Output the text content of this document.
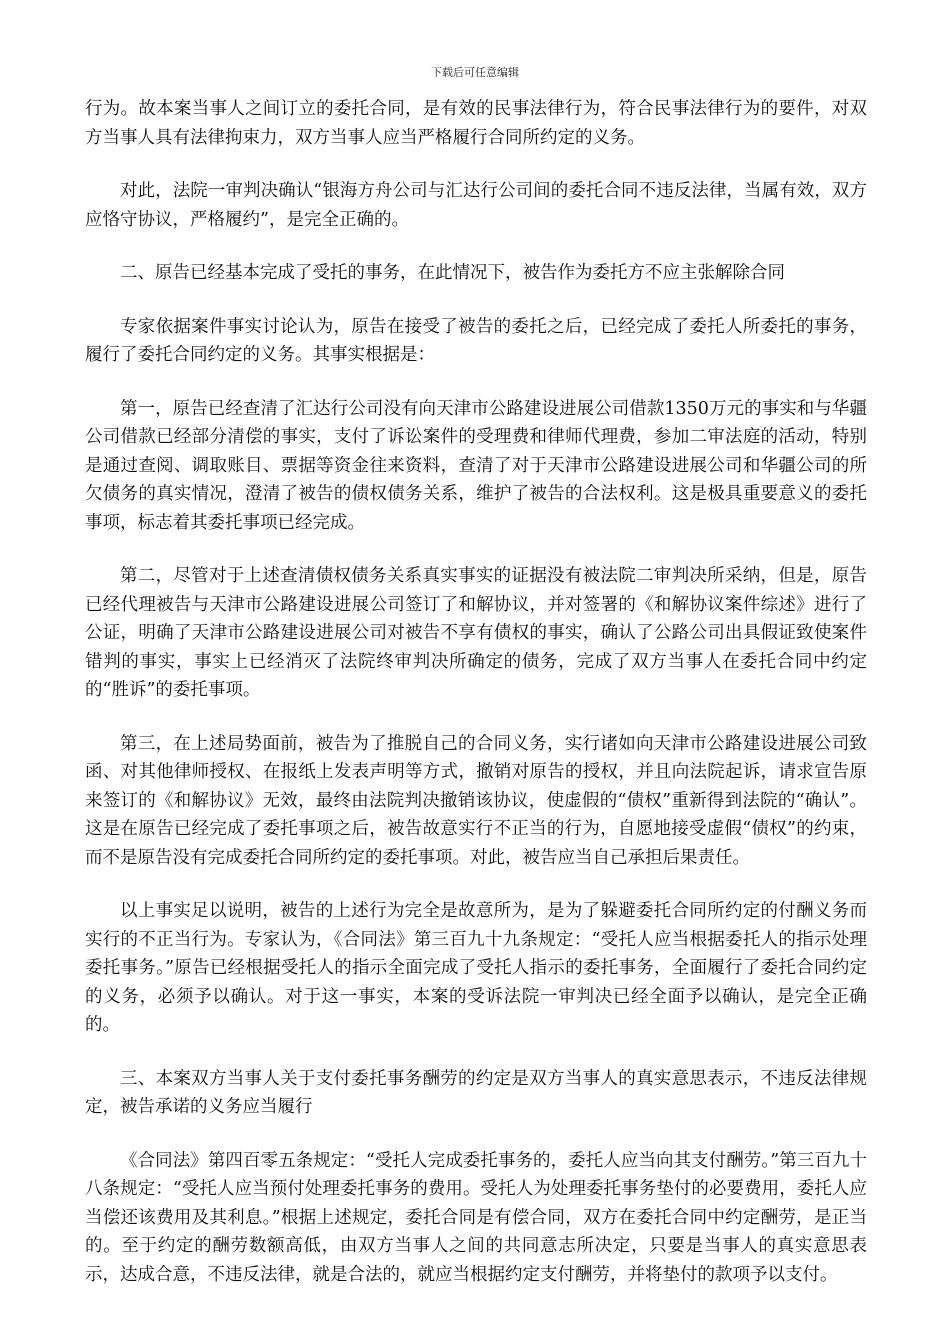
下载后可任意编辑

行为。故本案当事人之间订立的委托合同，是有效的民事法律行为，符合民事法律行为的要件，对双方当事人具有法律拘束力，双方当事人应当严格履行合同所约定的义务。

对此，法院一审判决确认“银海方舟公司与汇达行公司间的委托合同不违反法律，当属有效，双方应恪守协议，严格履约”，是完全正确的。

二、原告已经基本完成了受托的事务，在此情况下，被告作为委托方不应主张解除合同

专家依据案件事实讨论认为，原告在接受了被告的委托之后，已经完成了委托人所委托的事务，履行了委托合同约定的义务。其事实根据是：

第一，原告已经查清了汇达行公司没有向天津市公路建设进展公司借款1350万元的事实和与华疆公司借款已经部分清偿的事实，支付了诉讼案件的受理费和律师代理费，参加二审法庭的活动，特别是通过查阅、调取账目、票据等资金往来资料，查清了对于天津市公路建设进展公司和华疆公司的所欠债务的真实情况，澄清了被告的债权债务关系，维护了被告的合法权利。这是极具重要意义的委托事项，标志着其委托事项已经完成。

第二，尽管对于上述查清债权债务关系真实事实的证据没有被法院二审判决所采纳，但是，原告已经代理被告与天津市公路建设进展公司签订了和解协议，并对签署的《和解协议案件综述》进行了公证，明确了天津市公路建设进展公司对被告不享有债权的事实，确认了公路公司出具假证致使案件错判的事实，事实上已经消灭了法院终审判决所确定的债务，完成了双方当事人在委托合同中约定的“胜诉”的委托事项。

第三，在上述局势面前，被告为了推脱自己的合同义务，实行诸如向天津市公路建设进展公司致函、对其他律师授权、在报纸上发表声明等方式，撤销对原告的授权，并且向法院起诉，请求宣告原来签订的《和解协议》无效，最终由法院判决撤销该协议，使虚假的“债权”重新得到法院的“确认”。这是在原告已经完成了委托事项之后，被告故意实行不正当的行为，自愿地接受虚假“债权”的约束，而不是原告没有完成委托合同所约定的委托事项。对此，被告应当自己承担后果责任。

以上事实足以说明，被告的上述行为完全是故意所为，是为了躲避委托合同所约定的付酬义务而实行的不正当行为。专家认为，《合同法》第三百九十九条规定：“受托人应当根据委托人的指示处理委托事务。”原告已经根据受托人的指示全面完成了受托人指示的委托事务，全面履行了委托合同约定的义务，必须予以确认。对于这一事实，本案的受诉法院一审判决已经全面予以确认，是完全正确的。

三、本案双方当事人关于支付委托事务酬劳的约定是双方当事人的真实意思表示，不违反法律规定，被告承诺的义务应当履行

《合同法》第四百零五条规定：“受托人完成委托事务的，委托人应当向其支付酬劳。”第三百九十八条规定：“受托人应当预付处理委托事务的费用。受托人为处理委托事务垫付的必要费用，委托人应当偿还该费用及其利息。”根据上述规定，委托合同是有偿合同，双方在委托合同中约定酬劳，是正当的。至于约定的酬劳数额高低，由双方当事人之间的共同意志所决定，只要是当事人的真实意思表示，达成合意，不违反法律，就是合法的，就应当根据约定支付酬劳，并将垫付的款项予以支付。
